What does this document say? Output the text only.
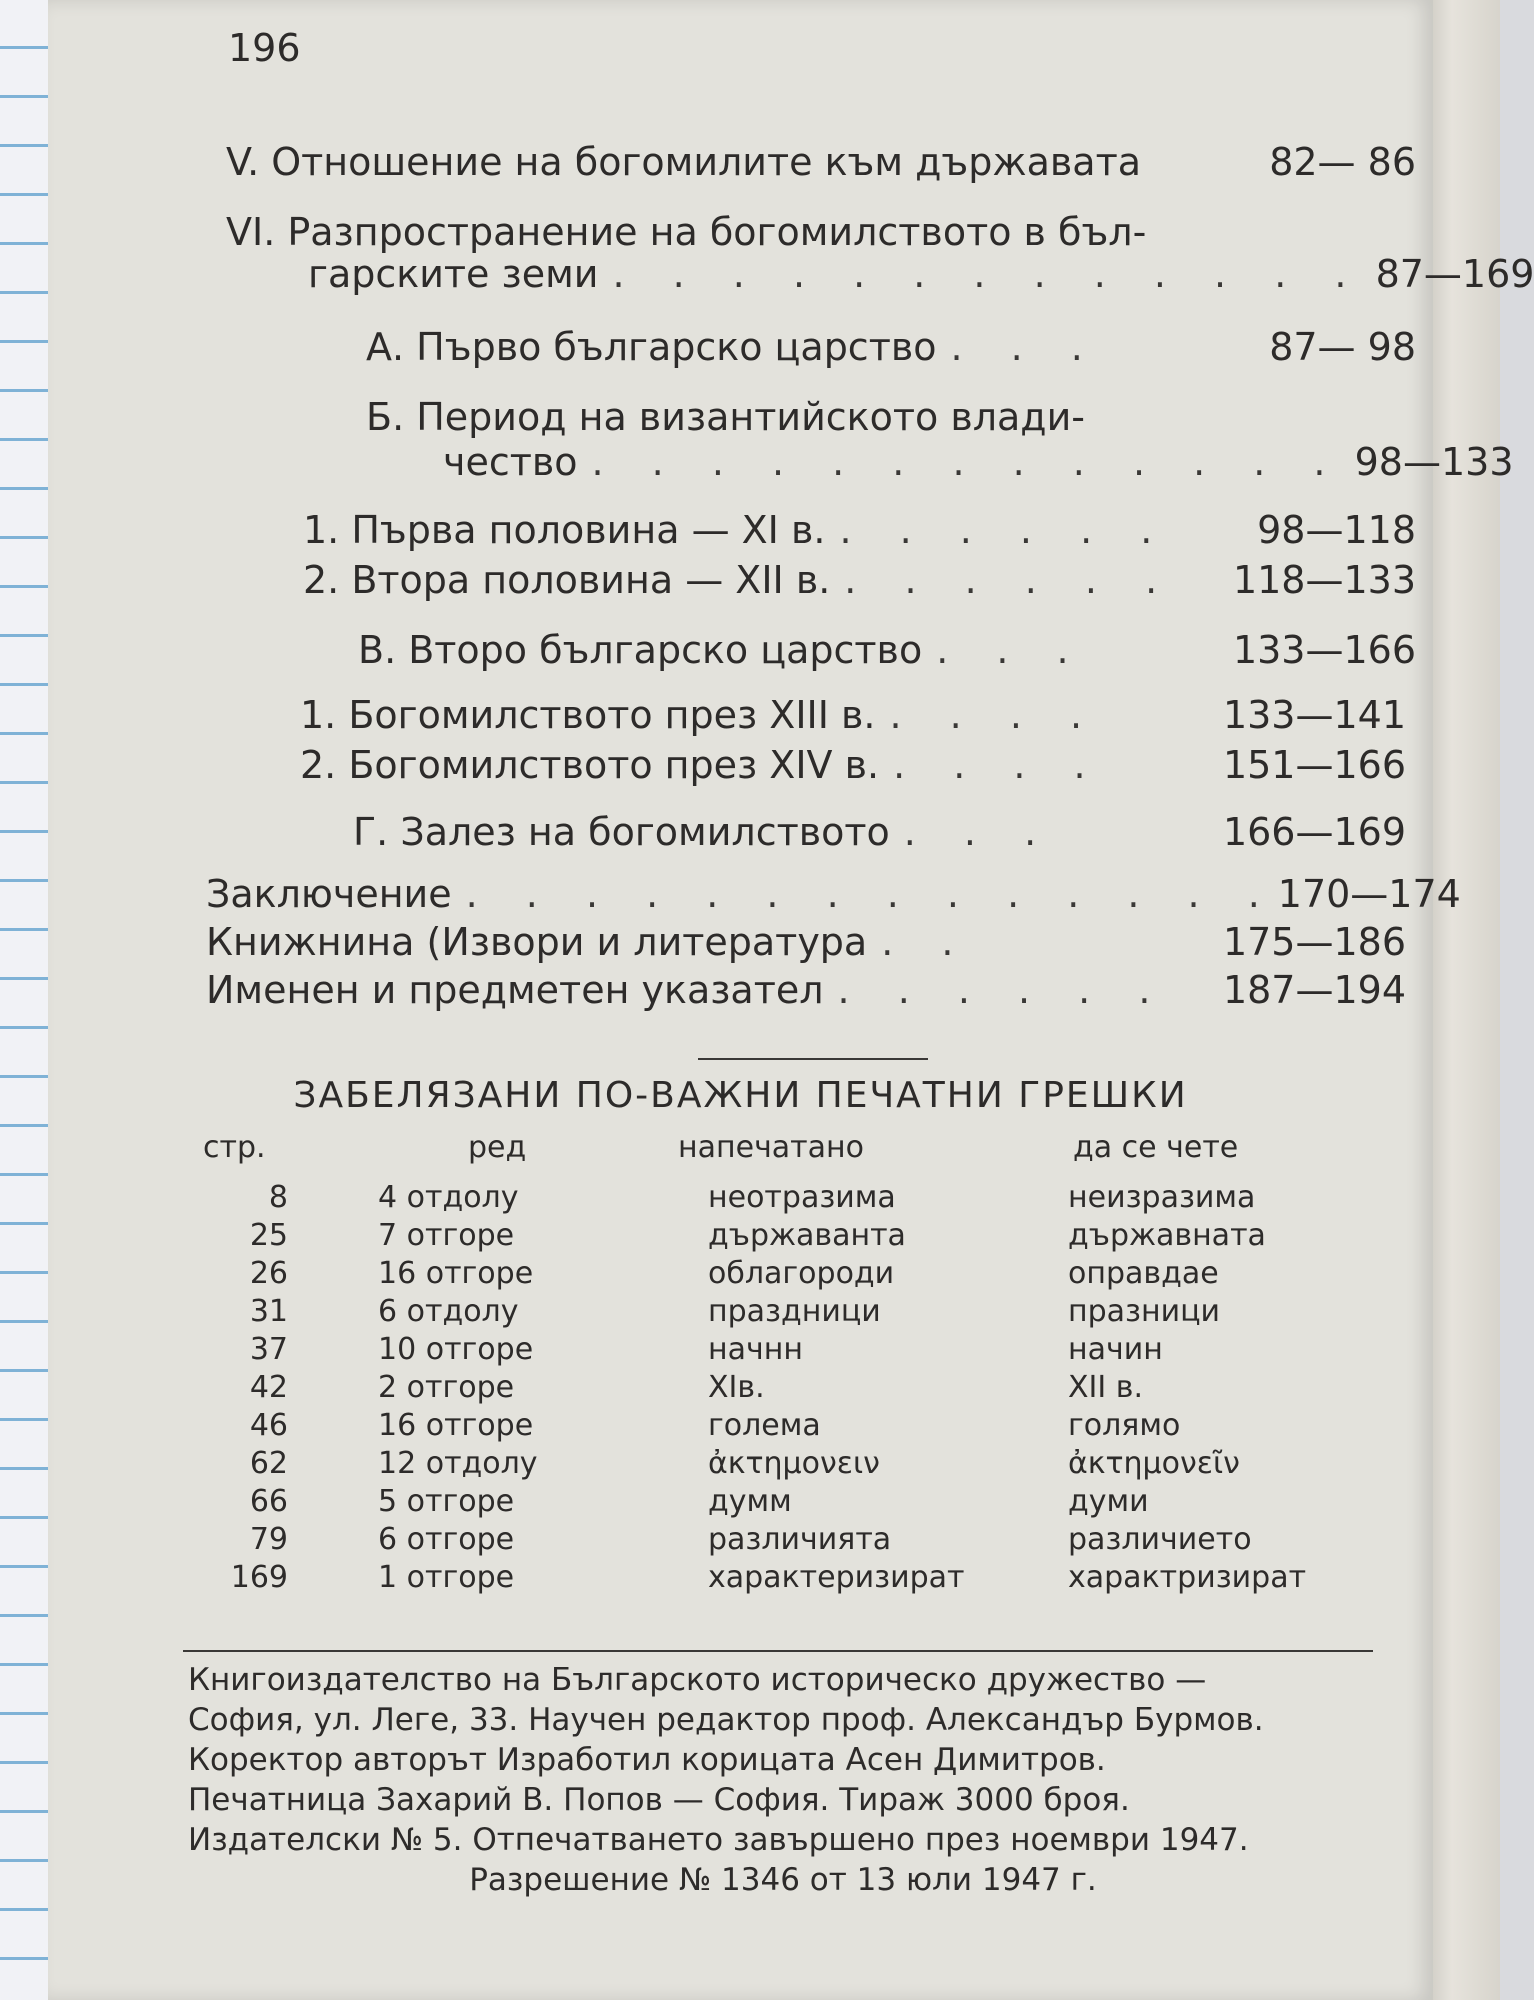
196
V. Отношение на богомилите към държавата	82— 86
VI. Разпространение на богомилството в бъл-
гарските земи . . . . . . . . . . . . . 87—169
А. Първо българско царство . . .	87— 98
Б. Период на византийското влади-
чество . . . . . . . . . . . . . 98—133
1. Първа половина — XI в. . . . . . .	98—118
2. Втора половина — XII в. . . . . . .	118—133
В. Второ българско царство . . .	133—166
1. Богомилството през XIII в. . . . .	133—141
2. Богомилството през XIV в. . . . .	151—166
Г. Залез на богомилството . . .	166—169
Заключение . . . . . . . . . . . . . . 170—174
Книжнина (Извори и литература . .	175—186
Именен и предметен указател . . . . . .	187—194
ЗАБЕЛЯЗАНИ ПО-ВАЖНИ ПЕЧАТНИ ГРЕШКИ
стр.	ред	напечатано	да се чете
8	4 отдолу	неотразима	неизразима
25	7 отгоре	държаванта	държавната
26	16 отгоре	облагороди	оправдае
31	6 отдолу	праздници	празници
37	10 отгоре	начнн	начин
42	2 отгоре	XIв.	XII в.
46	16 отгоре	голема	голямо
62	12 отдолу	ἀκτημονειν	ἀκτημονεῖν
66	5 отгоре	думм	думи
79	6 отгоре	различията	различието
169	1 отгоре	характеризират	характризират
Книгоиздателство на Българското историческо дружество —
София, ул. Леге, 33. Научен редактор проф. Александър Бурмов.
Коректор авторът Изработил корицата Асен Димитров.
Печатница Захарий В. Попов — София. Тираж 3000 броя.
Издателски № 5. Отпечатването завършено през ноември 1947.
Разрешение № 1346 от 13 юли 1947 г.
